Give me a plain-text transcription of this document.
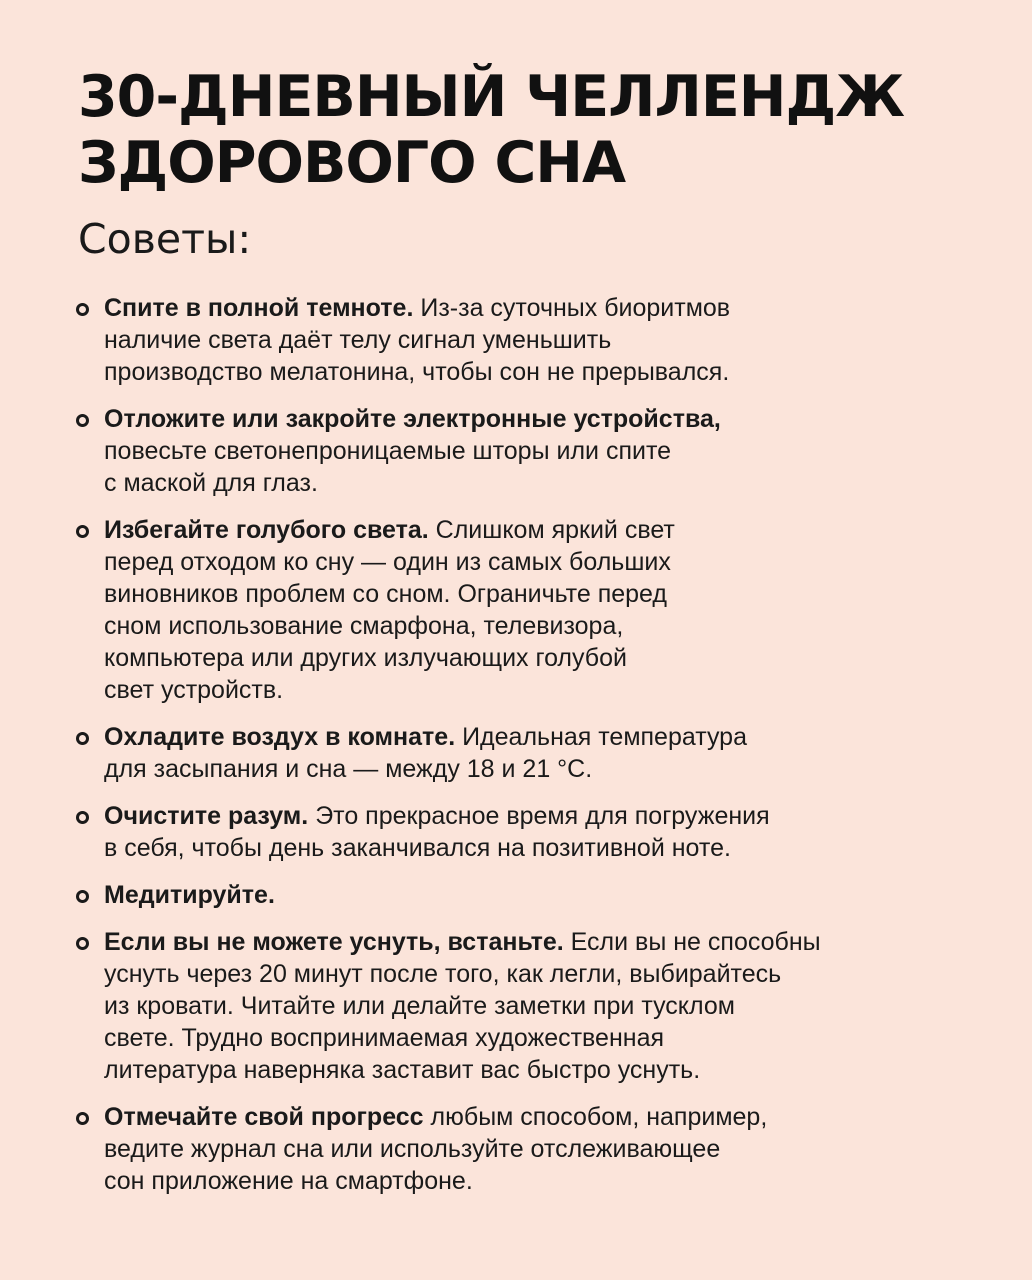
30-ДНЕВНЫЙ ЧЕЛЛЕНДЖ
ЗДОРОВОГО СНА
Советы:
Спите в полной темноте. Из-за суточных биоритмов
наличие света даёт телу сигнал уменьшить
производство мелатонина, чтобы сон не прерывался.
Отложите или закройте электронные устройства,
повесьте светонепроницаемые шторы или спите
с маской для глаз.
Избегайте голубого света. Слишком яркий свет
перед отходом ко сну — один из самых больших
виновников проблем со сном. Ограничьте перед
сном использование смарфона, телевизора,
компьютера или других излучающих голубой
свет устройств.
Охладите воздух в комнате. Идеальная температура
для засыпания и сна — между 18 и 21 °С.
Очистите разум. Это прекрасное время для погружения
в себя, чтобы день заканчивался на позитивной ноте.
Медитируйте.
Если вы не можете уснуть, встаньте. Если вы не способны
уснуть через 20 минут после того, как легли, выбирайтесь
из кровати. Читайте или делайте заметки при тусклом
свете. Трудно воспринимаемая художественная
литература наверняка заставит вас быстро уснуть.
Отмечайте свой прогресс любым способом, например,
ведите журнал сна или используйте отслеживающее
сон приложение на смартфоне.
